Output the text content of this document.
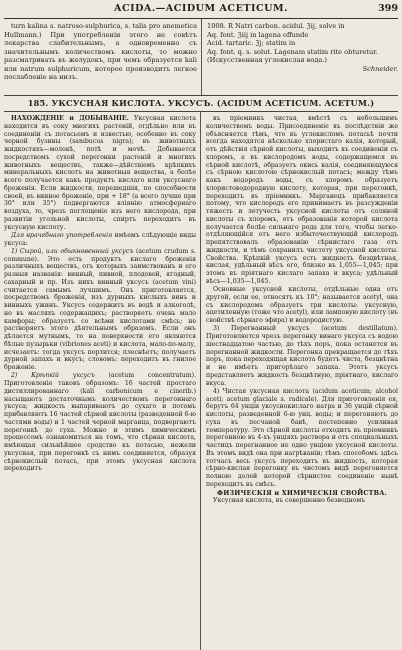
ACIDA.—ACIDUM ACETICUM.	399

turn kalina s. natroso-sulphurica, s. talis pro anemetica Hullmann.) При употребленіи этого не совѣтъ лекарства слабительнымъ, а одновременно съ значительнымъ количествомъ кислоты, то можно разсматривать въ желудокъ, при чемъ образуется kali или natrum sulphuricum, которое производитъ легкое послабленіе на низъ.

1008. R Natri carbon. acidul. ℨij, solve in
Aq. font. ℨiij in lagena offunde
Acid. tartaric. ℨj; statim in
Aq. font. q. s. solut. Lagenam statim rite obturetur. (Искусственная углекислая вода.)
Schneider.
185. УКСУСНАЯ КИСЛОТА. УКСУСЪ. (ACIDUM ACETICUM. ACETUM.)

НАХОЖДЕНІЕ и ДОБЫВАНІЕ. Уксусная кислота находится въ соку многихъ растеній, отдѣльно или въ соединеніи съ потасьемъ и известью, особенно въ соку черной бузины (sambucus nigra); въ животныхъ жидкостяхъ—молокѣ, потѣ и мочѣ. Добывается посредствомъ сухой перегонки растеній и многихъ животныхъ веществъ, также—дѣйствіемъ крѣпкихъ минеральныхъ кислотъ на животныя вещества, а болѣе всего получается какъ продуктъ кислаго или уксуснаго броженія. Если жидкости, перешедшія, по способности своей, въ винное броженіе, при + 18° (а всего лучше при 30° или 35°) подвергаются вліянію атмосфернаго воздуха, то, чрезъ поглощеніе изъ него кислорода, при развитіи угольной кислоты, спиртъ переходитъ въ уксусную кислоту.

Для врачебнаго употребленія имѣемъ слѣдующіе виды уксуса:

1) Cырой, или обыкновенный уксусъ (acetum crudum s. commune). Это есть продуктъ кислаго броженія различныхъ веществъ, отъ которыхъ заимствованъ и его разныя названія: винный, пивной, плодовой, ягодный, сахарный и пр. Изъ нихъ винный уксусъ (acetum vini) считается самымъ лучшимъ. Онъ приготовляется, посредствомъ броженія, изъ дурныхъ кислыхъ винъ и винныхъ ужинъ. Уксусъ содержитъ въ водѣ и алкоголѣ, но въ масляхъ содержащихъ; растворяетъ очень мало камфоры; образуетъ со всѣми кислотами смѣсь; не растворяетъ этого дѣятельнымъ образомъ. Если онъ дѣлается мутнымъ, то на поверхности его являются бѣлые пузырьки (vibriones aceti) и кислота, мало-по-малу, исчезаетъ: тогда уксусъ портится; плеснѣетъ; получаетъ дурной запахъ и вкусъ; словомъ: переходитъ въ гнилое броженіе.

2) Крѣпкій уксусъ (acetum concentratum). Приготовленіе таковъ образомъ: 16 частей простаго дистиллированнаго (kali carbonicum e cinerib.) насыщаютъ достаточнымъ количествомъ перегоннаго уксуса; жидкость выпариваютъ до сухаго и потомъ прибавляютъ 16 частей сѣрной кислоты (разведенной 6-ю частями воды) и 1 частей черной марганца, подвергаютъ перегонкѣ до суха. Можно и этимъ химическимъ процессомъ ознакомиться на томъ, что сѣрная кислота, имѣющая сильнѣйшее сродство къ потасью, нежели уксусная, при перегонкѣ съ нимъ соединяется, образуя сѣрнокислый потасъ, при этомъ уксусная кислота переходитъ

въ пріемникъ чистая, вмѣстѣ съ небольшимъ количествомъ воды. Присоединеніе въ послѣдствіи же объясняется тѣмъ, что въ углекисломъ потасьѣ почти всегда находятся нѣсколько хлористаго калія, который, отъ дѣйствія сѣрной кислоты, выходитъ въ соединеніи съ хлоромъ, а въ кислородомъ воды, содержащемся въ сѣрной кислотѣ, образуетъ окись калія, соединяющуюся съ сѣрною кислотою сѣрнокислый потасъ; между тѣмъ какъ водородъ воды, съ хлоромъ образуетъ хлористоводородную кислоту, которая, при перегонкѣ, переходитъ въ пріемникъ. Марганецъ прибавляется потому, что кислородъ его принимаетъ въ разсужденіи тяжесть и летучесть уксусной кислоты отъ соляной кислоты съ хлоромъ, отъ образованія которой кислота получается болѣе сильнаго рода для того, чтобы легко-отдѣляющійся отъ него избыточествующій кислородъ препятствовалъ образованію сѣрнистаго газа отъ жидкости, и тѣмъ сохранилъ чистоту уксусной кислоты. Свойства. Крѣпкій уксусъ есть жидкость безцвѣтная, кислая, удѣльный вѣсъ его, близко въ 1,055—1,045; при этомъ въ пріятнаго кислаго запаха и вкуса; удѣльный вѣсъ—1,035—1,045.

Основные уксусной кислоты, отдѣльные одна отъ другой, если ее, относятъ къ 10°; называется acetyl, она съ кислородомъ образуетъ три кислоты: уксусную, ацетиленную (тоже что acetyl), или ламповую кислоту (въ свойствѣ сѣрнаго эфира) и водородистую.

3) Перегнанный уксусъ (acetum destillatum). Приготовляется чрезъ перегонку винаго уксуса съ водою шестнадцатою частью, до тѣхъ поръ, пока останется въ перегнанной жидкости. Перегонка прекращается до тѣхъ поръ, пока переходящая кислота будетъ чиста, безцвѣтна и не имѣетъ пригорѣлаго запаха. Этотъ уксусъ представляетъ жидкость безцвѣтную, пріятнаго, кислаго вкуса.

4) Чистая уксусная кислота (acidum aceticum; alcohol aceti; acetum glaciale s. radicale). Для приготовленія ея, берутъ 64 унціи уксуснокислаго натра и 36 унцій сѣрной кислоты, разведенной 6-ю унц. воды; и перегоняютъ до суха въ песчаной банѣ, постепенно усиливая температуру. Это сѣрной кислоты отходитъ въ пріемникъ перегонною въ 4-хъ унціяхъ раствора и отъ специальныхъ частицъ перегнанное не одно унціею уксусной кислоты. Въ этомъ видѣ она при нагрѣваніи; тѣмъ способомъ здѣсь тотчасъ весь уксусъ переходитъ въ жидкость, которая сѣрно-кислая перегонку въ чистомъ видѣ перегоняется полною долей которой сѣрнистое соединеніе нынѣ переходитъ въ смѣсь.

ФИЗИЧЕСКІЯ и ХИМИЧЕСКІЯ СВОЙСТВА.

Уксусная кислота, въ совершенно безводномъ
